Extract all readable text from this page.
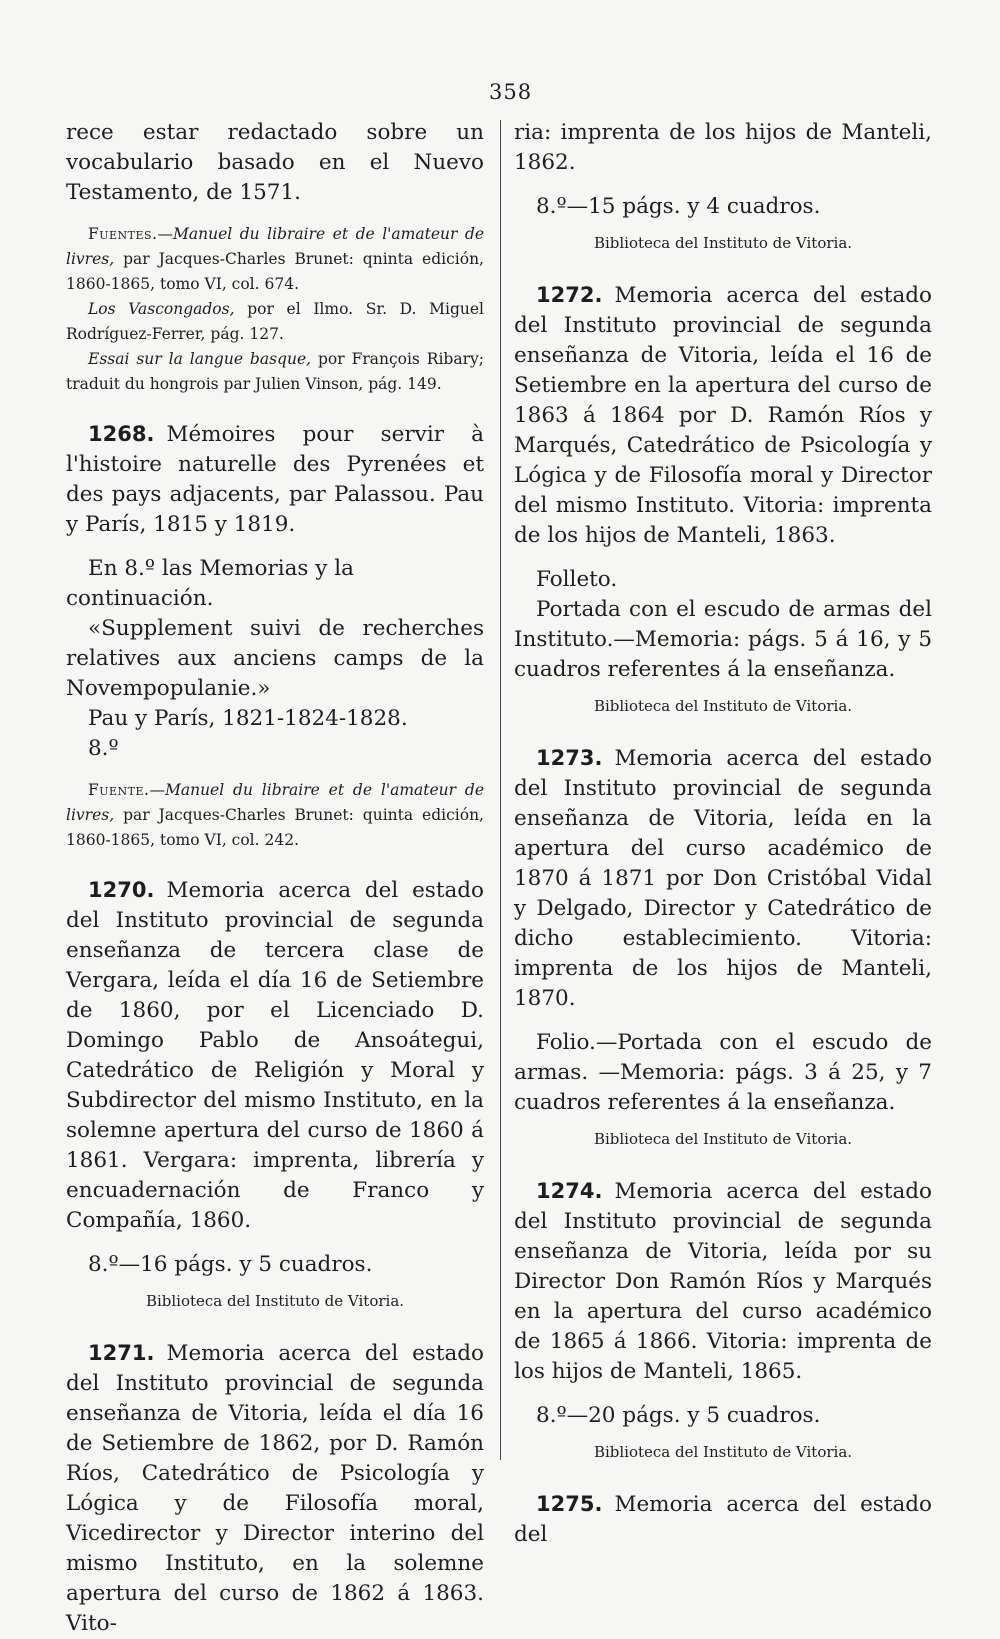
358

rece estar redactado sobre un vocabulario basado en el Nuevo Testamento, de 1571.

Fuentes.—Manuel du libraire et de l'amateur de livres, par Jacques-Charles Brunet: qninta edición, 1860-1865, tomo VI, col. 674.

Los Vascongados, por el Ilmo. Sr. D. Miguel Rodríguez-Ferrer, pág. 127.

Essai sur la langue basque, por François Ribary; traduit du hongrois par Julien Vinson, pág. 149.

1268. Mémoires pour servir à l'histoire naturelle des Pyrenées et des pays adjacents, par Palassou. Pau y París, 1815 y 1819.

En 8.º las Memorias y la continuación.

«Supplement suivi de recherches relatives aux anciens camps de la Novempopulanie.»

Pau y París, 1821-1824-1828.

8.º

Fuente.—Manuel du libraire et de l'amateur de livres, par Jacques-Charles Brunet: quinta edición, 1860-1865, tomo VI, col. 242.

1270. Memoria acerca del estado del Instituto provincial de segunda enseñanza de tercera clase de Vergara, leída el día 16 de Setiembre de 1860, por el Licenciado D. Domingo Pablo de Ansoátegui, Catedrático de Religión y Moral y Subdirector del mismo Instituto, en la solemne apertura del curso de 1860 á 1861. Vergara: imprenta, librería y encuadernación de Franco y Compañía, 1860.

8.º—16 págs. y 5 cuadros.

Biblioteca del Instituto de Vitoria.

1271. Memoria acerca del estado del Instituto provincial de segunda enseñanza de Vitoria, leída el día 16 de Setiembre de 1862, por D. Ramón Ríos, Catedrático de Psicología y Lógica y de Filosofía moral, Vicedirector y Director interino del mismo Instituto, en la solemne apertura del curso de 1862 á 1863. Vito-

ria: imprenta de los hijos de Manteli, 1862.

8.º—15 págs. y 4 cuadros.

Biblioteca del Instituto de Vitoria.

1272. Memoria acerca del estado del Instituto provincial de segunda enseñanza de Vitoria, leída el 16 de Setiembre en la apertura del curso de 1863 á 1864 por D. Ramón Ríos y Marqués, Catedrático de Psicología y Lógica y de Filosofía moral y Director del mismo Instituto. Vitoria: imprenta de los hijos de Manteli, 1863.

Folleto.

Portada con el escudo de armas del Instituto.—Memoria: págs. 5 á 16, y 5 cuadros referentes á la enseñanza.

Biblioteca del Instituto de Vitoria.

1273. Memoria acerca del estado del Instituto provincial de segunda enseñanza de Vitoria, leída en la apertura del curso académico de 1870 á 1871 por Don Cristóbal Vidal y Delgado, Director y Catedrático de dicho establecimiento. Vitoria: imprenta de los hijos de Manteli, 1870.

Folio.—Portada con el escudo de armas. —Memoria: págs. 3 á 25, y 7 cuadros referentes á la enseñanza.

Biblioteca del Instituto de Vitoria.

1274. Memoria acerca del estado del Instituto provincial de segunda enseñanza de Vitoria, leída por su Director Don Ramón Ríos y Marqués en la apertura del curso académico de 1865 á 1866. Vitoria: imprenta de los hijos de Manteli, 1865.

8.º—20 págs. y 5 cuadros.

Biblioteca del Instituto de Vitoria.

1275. Memoria acerca del estado del
